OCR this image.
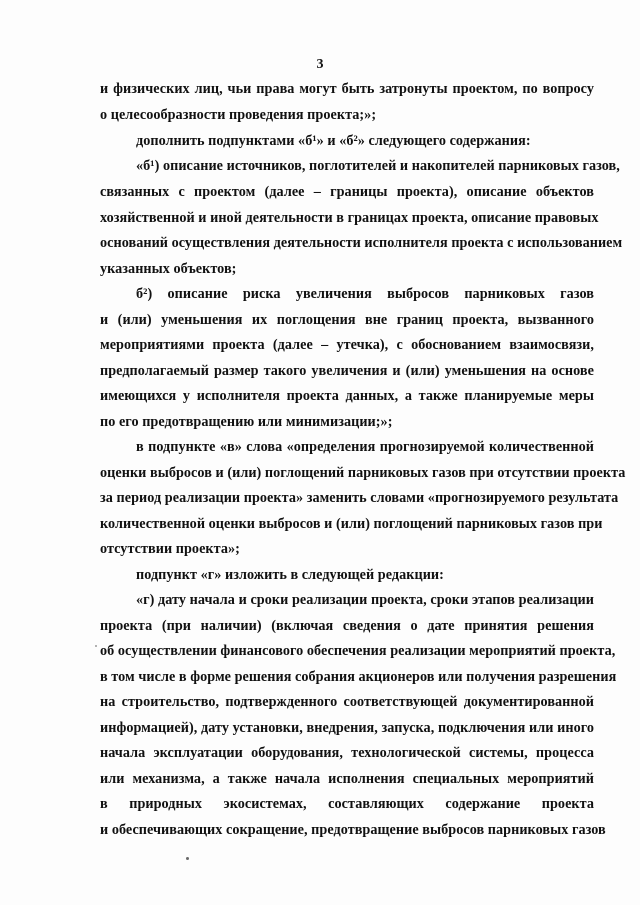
3
и физических лиц, чьи права могут быть затронуты проектом, по вопросу
о целесообразности проведения проекта;»;
дополнить подпунктами «б¹» и «б²» следующего содержания:
«б¹) описание источников, поглотителей и накопителей парниковых газов,
связанных с проектом (далее – границы проекта), описание объектов
хозяйственной и иной деятельности в границах проекта, описание правовых
оснований осуществления деятельности исполнителя проекта с использованием
указанных объектов;
б²) описание риска увеличения выбросов парниковых газов
и (или) уменьшения их поглощения вне границ проекта, вызванного
мероприятиями проекта (далее – утечка), с обоснованием взаимосвязи,
предполагаемый размер такого увеличения и (или) уменьшения на основе
имеющихся у исполнителя проекта данных, а также планируемые меры
по его предотвращению или минимизации;»;
в подпункте «в» слова «определения прогнозируемой количественной
оценки выбросов и (или) поглощений парниковых газов при отсутствии проекта
за период реализации проекта» заменить словами «прогнозируемого результата
количественной оценки выбросов и (или) поглощений парниковых газов при
отсутствии проекта»;
подпункт «г» изложить в следующей редакции:
«г) дату начала и сроки реализации проекта, сроки этапов реализации
проекта (при наличии) (включая сведения о дате принятия решения
об осуществлении финансового обеспечения реализации мероприятий проекта,
в том числе в форме решения собрания акционеров или получения разрешения
на строительство, подтвержденного соответствующей документированной
информацией), дату установки, внедрения, запуска, подключения или иного
начала эксплуатации оборудования, технологической системы, процесса
или механизма, а также начала исполнения специальных мероприятий
в природных экосистемах, составляющих содержание проекта
и обеспечивающих сокращение, предотвращение выбросов парниковых газов
